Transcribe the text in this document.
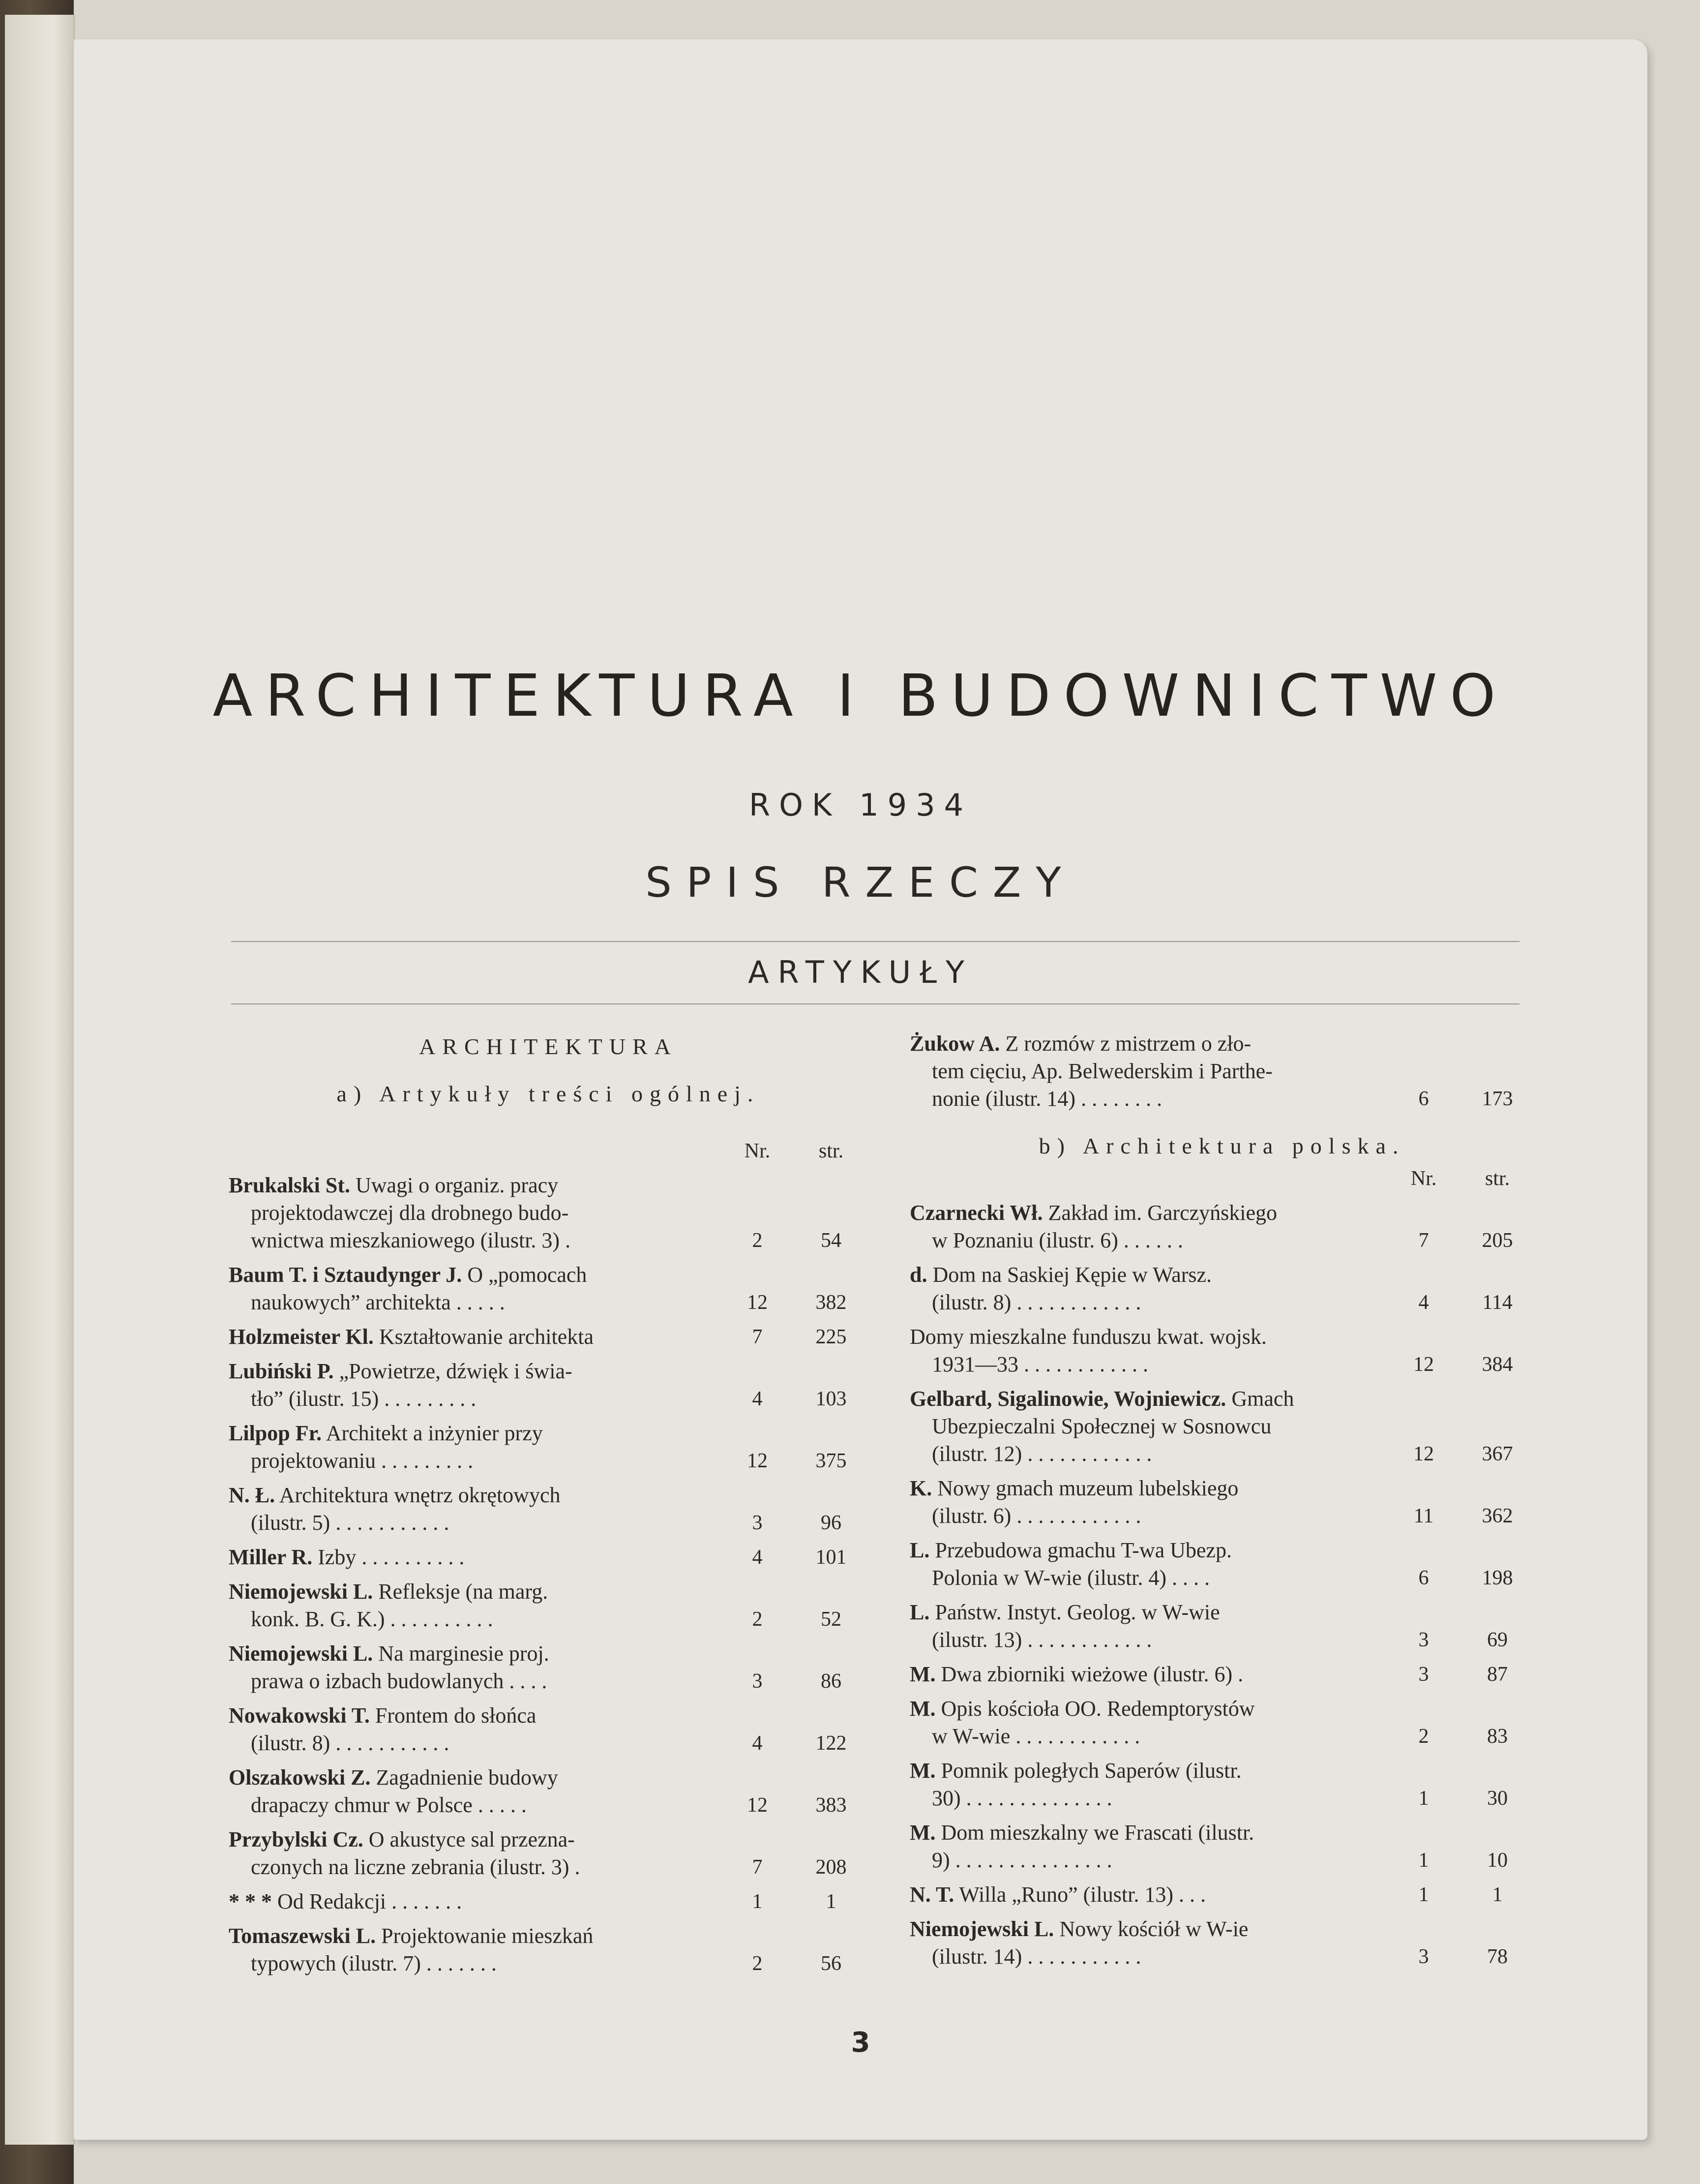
ARCHITEKTURA I BUDOWNICTWO
ROK 1934
SPIS RZECZY
ARTYKUŁY
ARCHITEKTURA
a) Artykuły treści ogólnej.
Nr.	str.
Brukalski St. Uwagi o organiz. pracy
projektodawczej dla drobnego budo-
wnictwa mieszkaniowego (ilustr. 3) .	2	54
Baum T. i Sztaudynger J. O „pomocach
naukowych” architekta . . . . .	12	382
Holzmeister Kl. Kształtowanie architekta	7	225
Lubiński P. „Powietrze, dźwięk i świa-
tło” (ilustr. 15) . . . . . . . . .	4	103
Lilpop Fr. Architekt a inżynier przy
projektowaniu . . . . . . . . .	12	375
N. Ł. Architektura wnętrz okrętowych
(ilustr. 5) . . . . . . . . . . .	3	96
Miller R. Izby . . . . . . . . . .	4	101
Niemojewski L. Refleksje (na marg.
konk. B. G. K.) . . . . . . . . . .	2	52
Niemojewski L. Na marginesie proj.
prawa o izbach budowlanych . . . .	3	86
Nowakowski T. Frontem do słońca
(ilustr. 8) . . . . . . . . . . .	4	122
Olszakowski Z. Zagadnienie budowy
drapaczy chmur w Polsce . . . . .	12	383
Przybylski Cz. O akustyce sal przezna-
czonych na liczne zebrania (ilustr. 3) .	7	208
* * * Od Redakcji . . . . . . .	1	1
Tomaszewski L. Projektowanie mieszkań
typowych (ilustr. 7) . . . . . . .	2	56
Żukow A. Z rozmów z mistrzem o zło-
tem cięciu, Ap. Belwederskim i Parthe-
nonie (ilustr. 14) . . . . . . . .	6	173
b) Architektura polska.
Nr.	str.
Czarnecki Wł. Zakład im. Garczyńskiego
w Poznaniu (ilustr. 6) . . . . . .	7	205
d. Dom na Saskiej Kępie w Warsz.
(ilustr. 8) . . . . . . . . . . . .	4	114
Domy mieszkalne funduszu kwat. wojsk.
1931—33 . . . . . . . . . . . .	12	384
Gelbard, Sigalinowie, Wojniewicz. Gmach
Ubezpieczalni Społecznej w Sosnowcu
(ilustr. 12) . . . . . . . . . . . .	12	367
K. Nowy gmach muzeum lubelskiego
(ilustr. 6) . . . . . . . . . . . .	11	362
L. Przebudowa gmachu T-wa Ubezp.
Polonia w W-wie (ilustr. 4) . . . .	6	198
L. Państw. Instyt. Geolog. w W-wie
(ilustr. 13) . . . . . . . . . . . .	3	69
M. Dwa zbiorniki wieżowe (ilustr. 6) .	3	87
M. Opis kościoła OO. Redemptorystów
w W-wie . . . . . . . . . . . .	2	83
M. Pomnik poległych Saperów (ilustr.
30) . . . . . . . . . . . . . .	1	30
M. Dom mieszkalny we Frascati (ilustr.
9) . . . . . . . . . . . . . . .	1	10
N. T. Willa „Runo” (ilustr. 13) . . .	1	1
Niemojewski L. Nowy kościół w W-ie
(ilustr. 14) . . . . . . . . . . .	3	78
3
